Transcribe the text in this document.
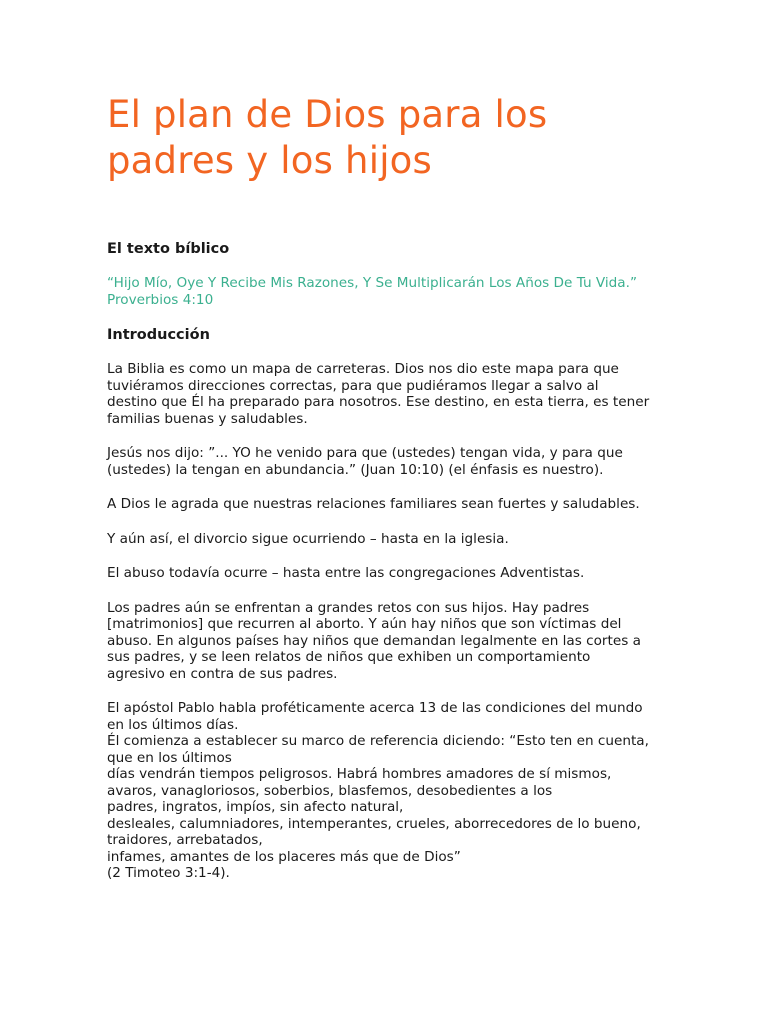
El plan de Dios para los
padres y los hijos
El texto bíblico
“Hijo Mío, Oye Y Recibe Mis Razones, Y Se Multiplicarán Los Años De Tu Vida.”
Proverbios 4:10
Introducción
La Biblia es como un mapa de carreteras. Dios nos dio este mapa para que
tuviéramos direcciones correctas, para que pudiéramos llegar a salvo al
destino que Él ha preparado para nosotros. Ese destino, en esta tierra, es tener
familias buenas y saludables.
Jesús nos dijo: ”... YO he venido para que (ustedes) tengan vida, y para que
(ustedes) la tengan en abundancia.” (Juan 10:10) (el énfasis es nuestro).
A Dios le agrada que nuestras relaciones familiares sean fuertes y saludables.
Y aún así, el divorcio sigue ocurriendo – hasta en la iglesia.
El abuso todavía ocurre – hasta entre las congregaciones Adventistas.
Los padres aún se enfrentan a grandes retos con sus hijos. Hay padres
[matrimonios] que recurren al aborto. Y aún hay niños que son víctimas del
abuso. En algunos países hay niños que demandan legalmente en las cortes a
sus padres, y se leen relatos de niños que exhiben un comportamiento
agresivo en contra de sus padres.
El apóstol Pablo habla proféticamente acerca 13 de las condiciones del mundo
en los últimos días.
Él comienza a establecer su marco de referencia diciendo: “Esto ten en cuenta,
que en los últimos
días vendrán tiempos peligrosos. Habrá hombres amadores de sí mismos,
avaros, vanagloriosos, soberbios, blasfemos, desobedientes a los
padres, ingratos, impíos, sin afecto natural,
desleales, calumniadores, intemperantes, crueles, aborrecedores de lo bueno,
traidores, arrebatados,
infames, amantes de los placeres más que de Dios”
(2 Timoteo 3:1-4).
